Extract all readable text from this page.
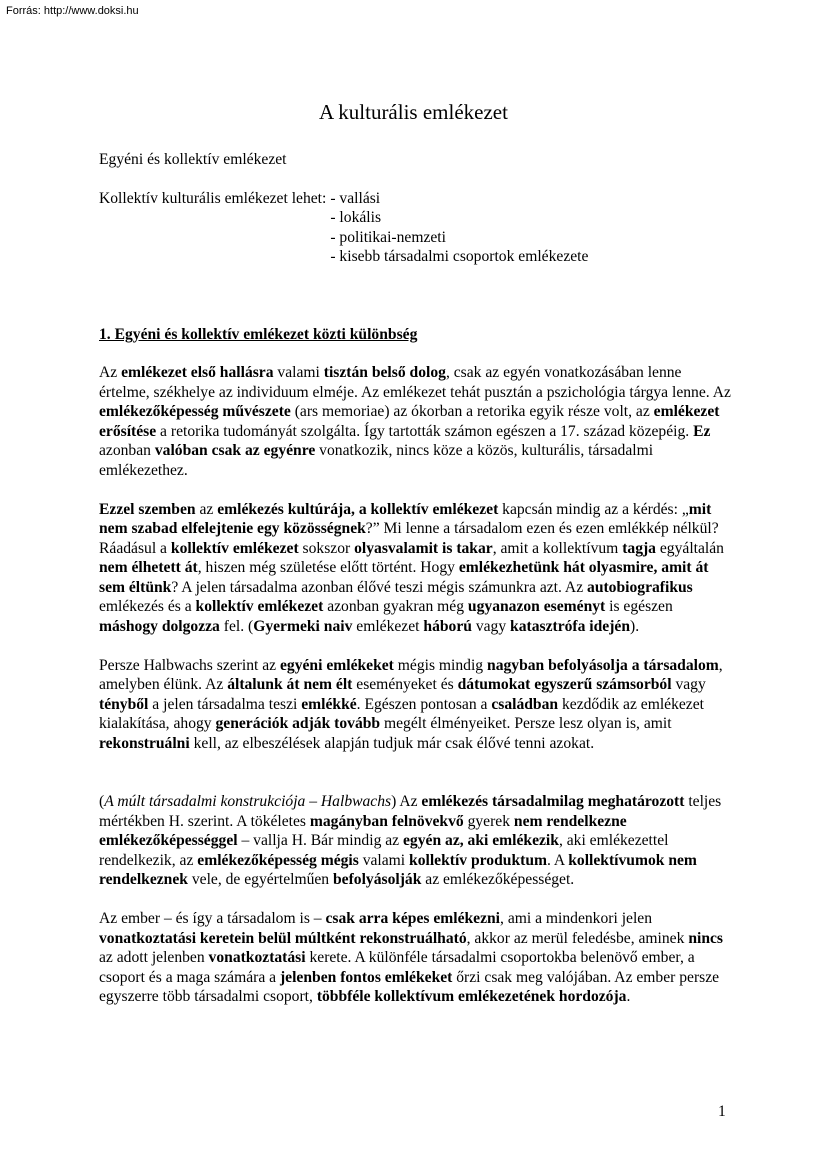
Forrás: http://www.doksi.hu
A kulturális emlékezet

Egyéni és kollektív emlékezet

Kollektív kulturális emlékezet lehet: - vallási
- lokális
- politikai-nemzeti
- kisebb társadalmi csoportok emlékezete

1. Egyéni és kollektív emlékezet közti különbség

Az emlékezet első hallásra valami tisztán belső dolog, csak az egyén vonatkozásában lenne értelme, székhelye az individuum elméje. Az emlékezet tehát pusztán a pszichológia tárgya lenne. Az emlékezőképesség művészete (ars memoriae) az ókorban a retorika egyik része volt, az emlékezet erősítése a retorika tudományát szolgálta. Így tartották számon egészen a 17. század közepéig. Ez azonban valóban csak az egyénre vonatkozik, nincs köze a közös, kulturális, társadalmi emlékezethez.

Ezzel szemben az emlékezés kultúrája, a kollektív emlékezet kapcsán mindig az a kérdés: „mit nem szabad elfelejtenie egy közösségnek?” Mi lenne a társadalom ezen és ezen emlékkép nélkül? Ráadásul a kollektív emlékezet sokszor olyasvalamit is takar, amit a kollektívum tagja egyáltalán nem élhetett át, hiszen még születése előtt történt. Hogy emlékezhetünk hát olyasmire, amit át sem éltünk? A jelen társadalma azonban élővé teszi mégis számunkra azt. Az autobiografikus emlékezés és a kollektív emlékezet azonban gyakran még ugyanazon eseményt is egészen máshogy dolgozza fel. (Gyermeki naiv emlékezet háború vagy katasztrófa idején).

Persze Halbwachs szerint az egyéni emlékeket mégis mindig nagyban befolyásolja a társadalom, amelyben élünk. Az általunk át nem élt eseményeket és dátumokat egyszerű számsorból vagy tényből a jelen társadalma teszi emlékké. Egészen pontosan a családban kezdődik az emlékezet kialakítása, ahogy generációk adják tovább megélt élményeiket. Persze lesz olyan is, amit rekonstruálni kell, az elbeszélések alapján tudjuk már csak élővé tenni azokat.

(A múlt társadalmi konstrukciója – Halbwachs) Az emlékezés társadalmilag meghatározott teljes mértékben H. szerint. A tökéletes magányban felnövekvő gyerek nem rendelkezne emlékezőképességgel – vallja H. Bár mindig az egyén az, aki emlékezik, aki emlékezettel rendelkezik, az emlékezőképesség mégis valami kollektív produktum. A kollektívumok nem rendelkeznek vele, de egyértelműen befolyásolják az emlékezőképességet.

Az ember – és így a társadalom is – csak arra képes emlékezni, ami a mindenkori jelen vonatkoztatási keretein belül múltként rekonstruálható, akkor az merül feledésbe, aminek nincs az adott jelenben vonatkoztatási kerete. A különféle társadalmi csoportokba belenövő ember, a csoport és a maga számára a jelenben fontos emlékeket őrzi csak meg valójában. Az ember persze egyszerre több társadalmi csoport, többféle kollektívum emlékezetének hordozója.

1
